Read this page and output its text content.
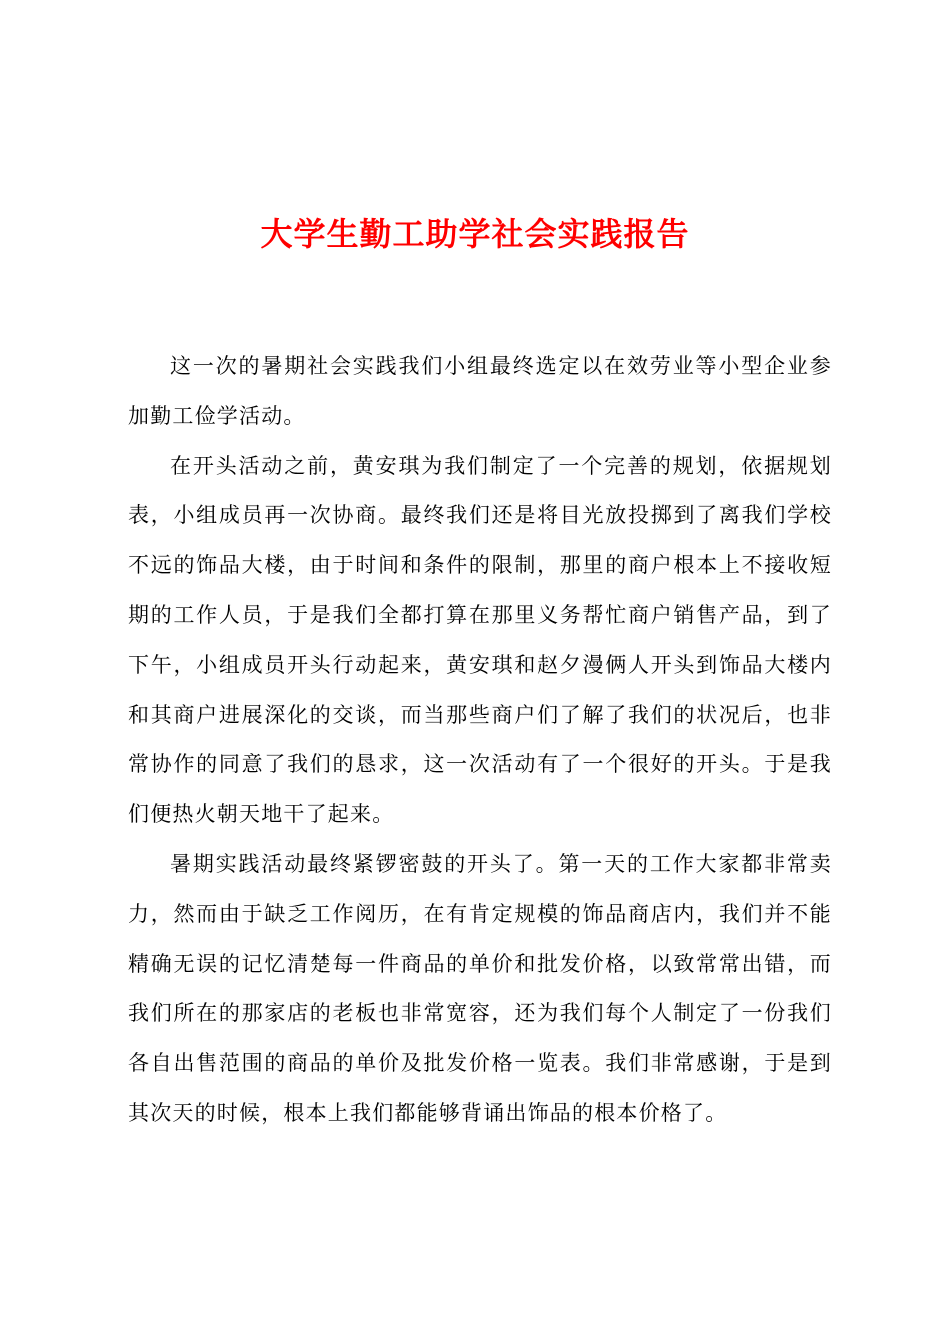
大学生勤工助学社会实践报告

这一次的暑期社会实践我们小组最终选定以在效劳业等小型企业参加勤工俭学活动。

在开头活动之前，黄安琪为我们制定了一个完善的规划，依据规划表，小组成员再一次协商。最终我们还是将目光放投掷到了离我们学校不远的饰品大楼，由于时间和条件的限制，那里的商户根本上不接收短期的工作人员，于是我们全都打算在那里义务帮忙商户销售产品，到了下午，小组成员开头行动起来，黄安琪和赵夕漫俩人开头到饰品大楼内和其商户进展深化的交谈，而当那些商户们了解了我们的状况后，也非常协作的同意了我们的恳求，这一次活动有了一个很好的开头。于是我们便热火朝天地干了起来。

暑期实践活动最终紧锣密鼓的开头了。第一天的工作大家都非常卖力，然而由于缺乏工作阅历，在有肯定规模的饰品商店内，我们并不能精确无误的记忆清楚每一件商品的单价和批发价格，以致常常出错，而我们所在的那家店的老板也非常宽容，还为我们每个人制定了一份我们各自出售范围的商品的单价及批发价格一览表。我们非常感谢，于是到其次天的时候，根本上我们都能够背诵出饰品的根本价格了。
